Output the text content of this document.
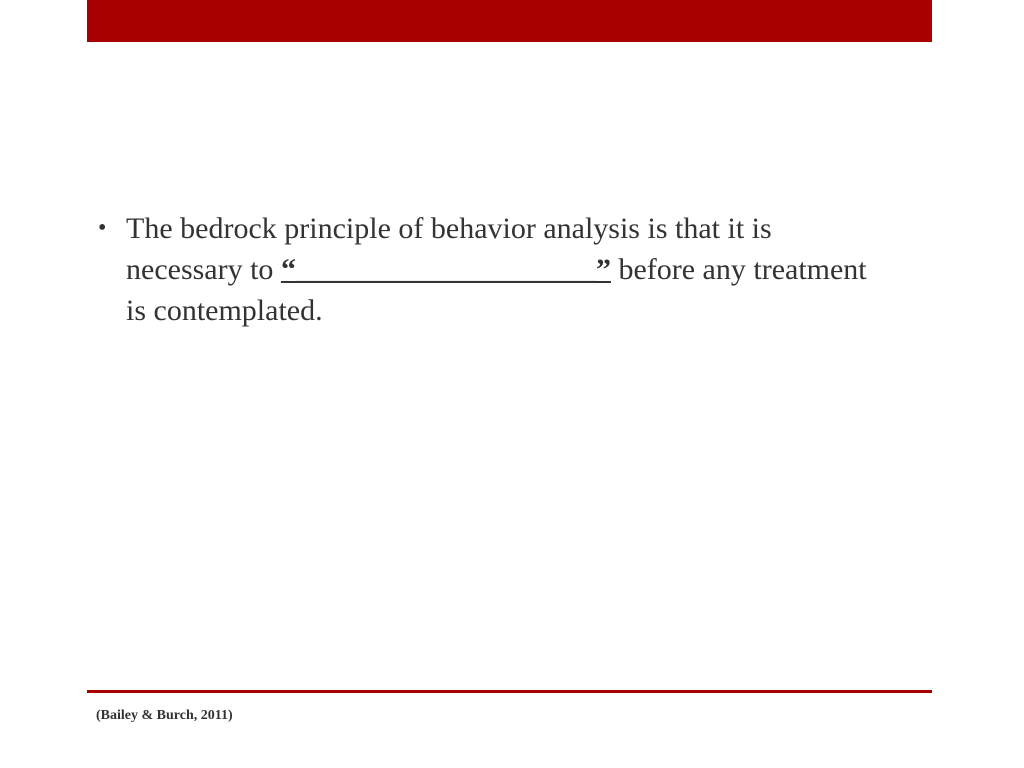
• The bedrock principle of behavior analysis is that it is necessary to “____________________” before any treatment is contemplated.

(Bailey & Burch, 2011)
